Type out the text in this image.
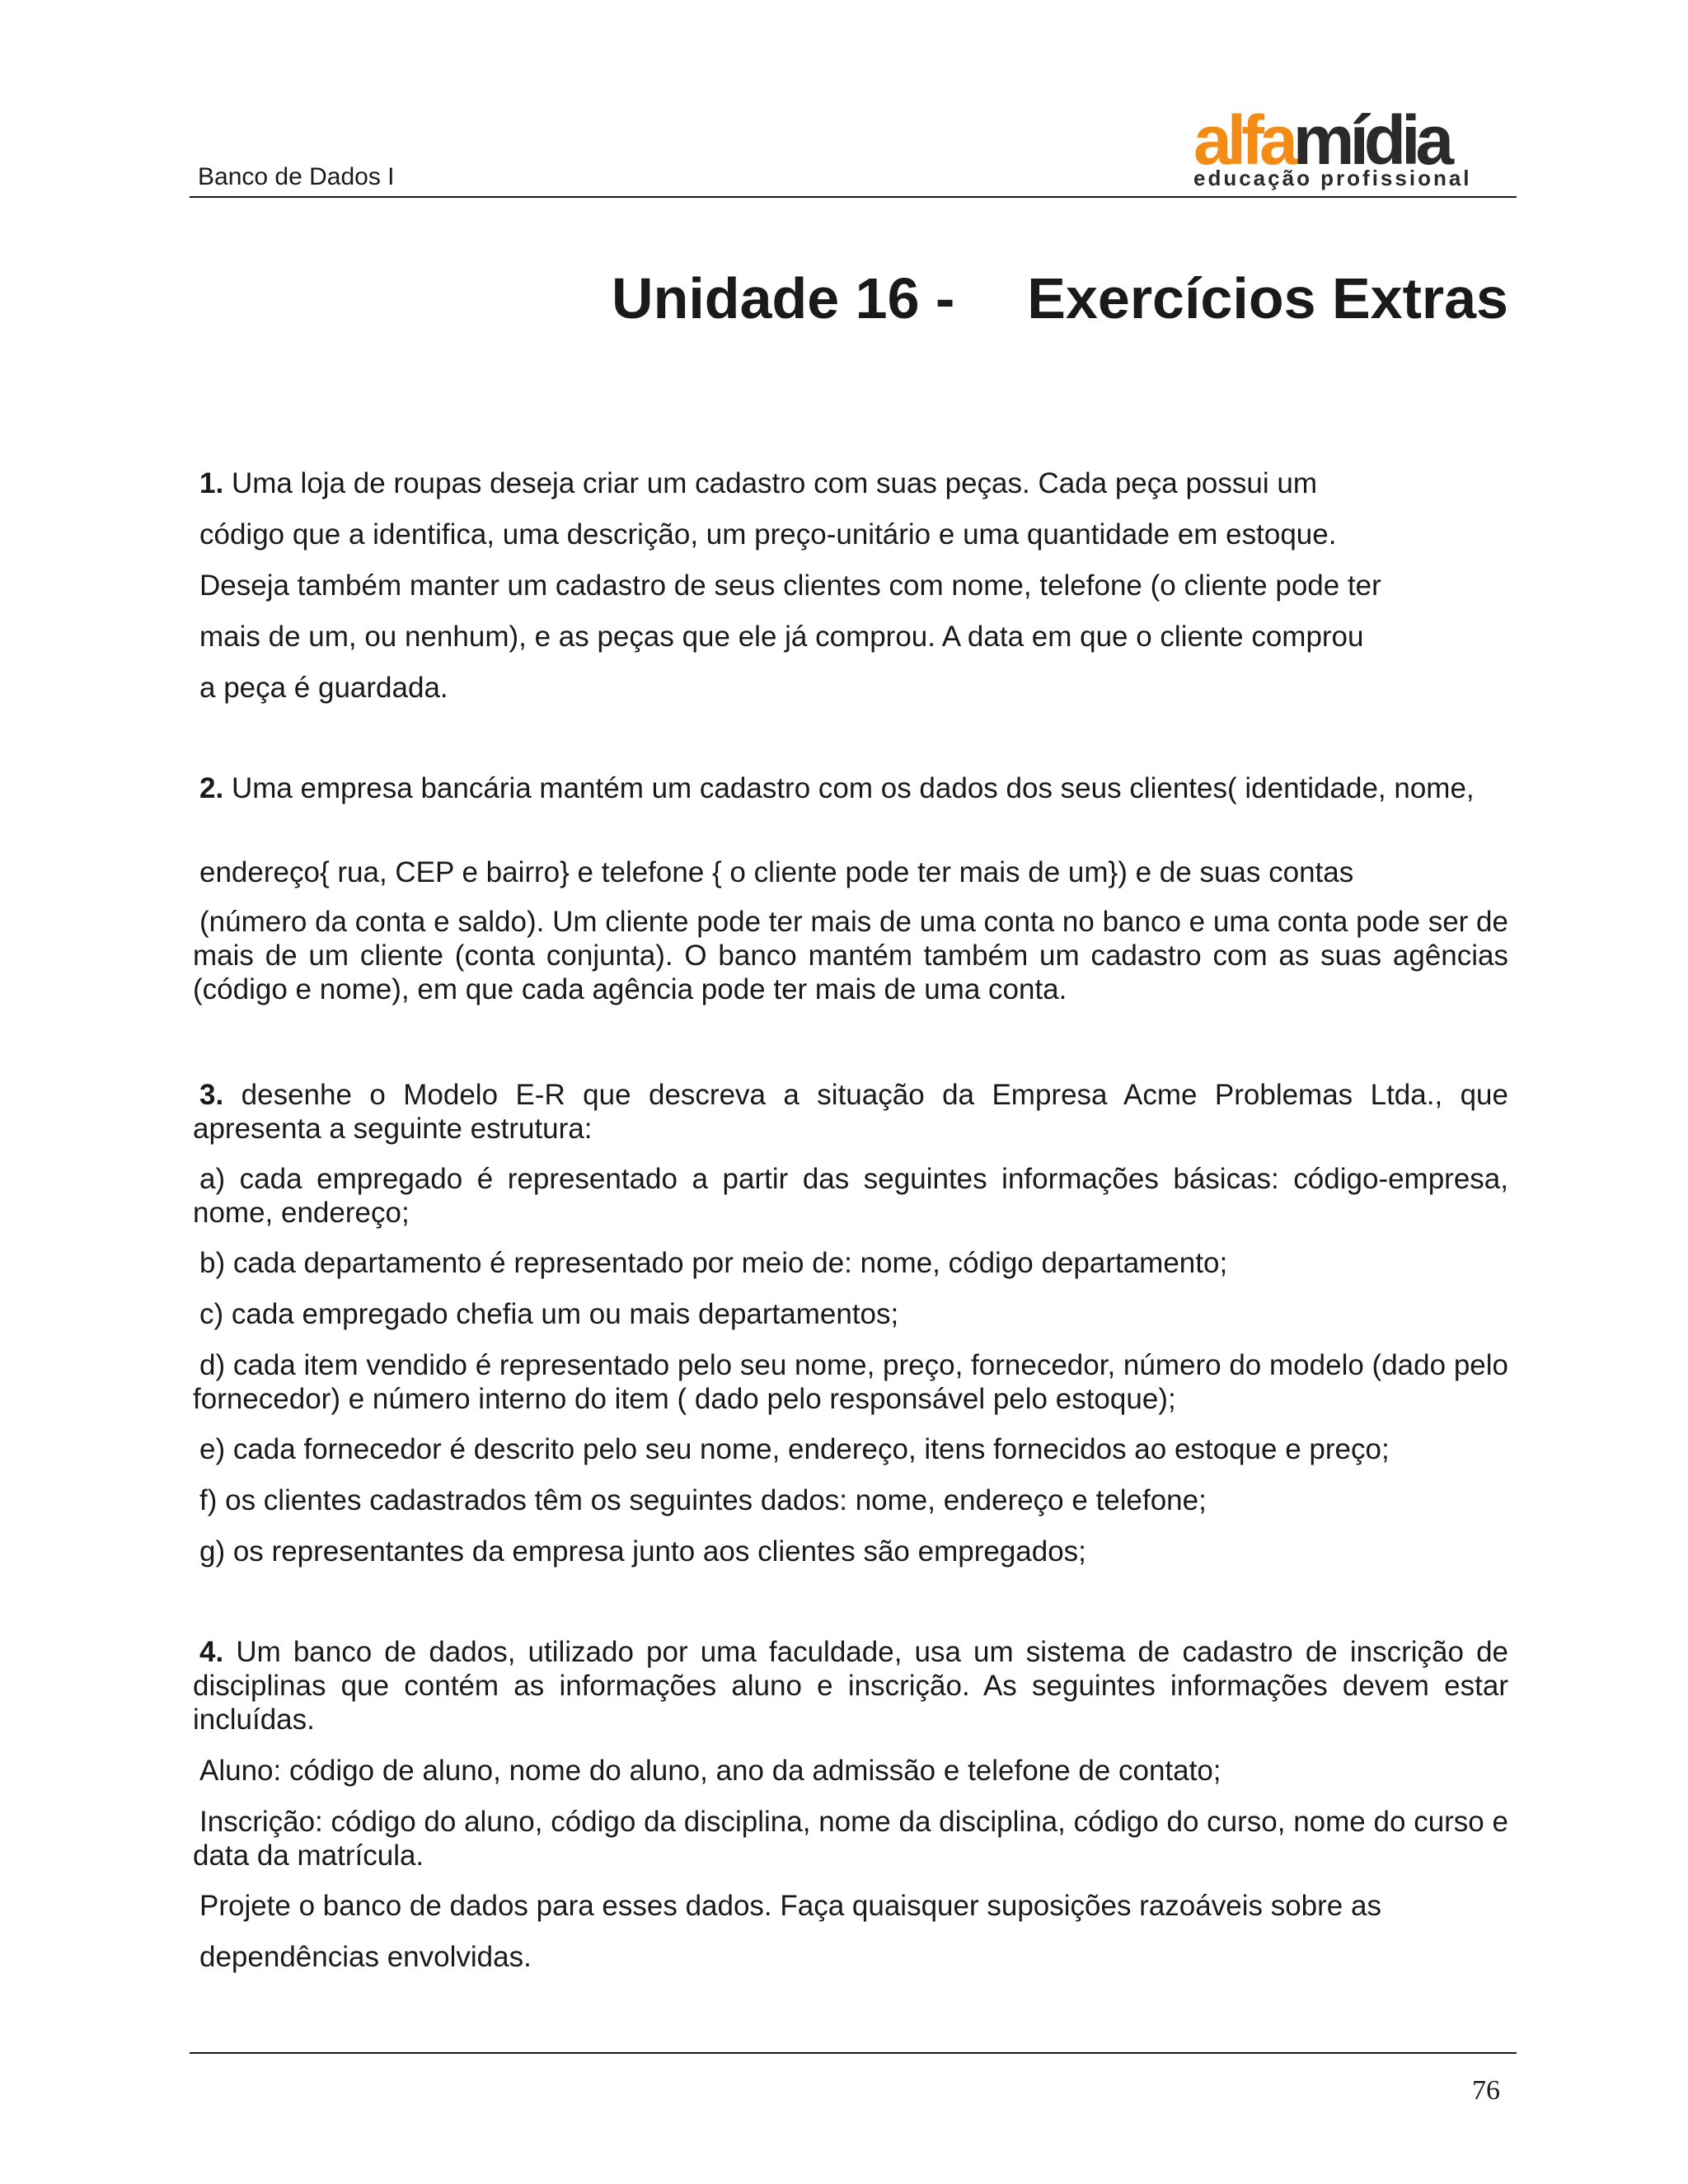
Banco de Dados I	alfamídia
educação profissional
Unidade 16 - Exercícios Extras
1. Uma loja de roupas deseja criar um cadastro com suas peças. Cada peça possui um
código que a identifica, uma descrição, um preço-unitário e uma quantidade em estoque.
Deseja também manter um cadastro de seus clientes com nome, telefone (o cliente pode ter
mais de um, ou nenhum), e as peças que ele já comprou. A data em que o cliente comprou
a peça é guardada.
2. Uma empresa bancária mantém um cadastro com os dados dos seus clientes( identidade, nome,
endereço{ rua, CEP e bairro} e telefone { o cliente pode ter mais de um}) e de suas contas
(número da conta e saldo). Um cliente pode ter mais de uma conta no banco e uma conta pode ser de mais de um cliente (conta conjunta). O banco mantém também um cadastro com as suas agências (código e nome), em que cada agência pode ter mais de uma conta.
3. desenhe o Modelo E-R que descreva a situação da Empresa Acme Problemas Ltda., que apresenta a seguinte estrutura:
a) cada empregado é representado a partir das seguintes informações básicas: código-empresa, nome, endereço;
b) cada departamento é representado por meio de: nome, código departamento;
c) cada empregado chefia um ou mais departamentos;
d) cada item vendido é representado pelo seu nome, preço, fornecedor, número do modelo (dado pelo fornecedor) e número interno do item ( dado pelo responsável pelo estoque);
e) cada fornecedor é descrito pelo seu nome, endereço, itens fornecidos ao estoque e preço;
f) os clientes cadastrados têm os seguintes dados: nome, endereço e telefone;
g) os representantes da empresa junto aos clientes são empregados;
4. Um banco de dados, utilizado por uma faculdade, usa um sistema de cadastro de inscrição de disciplinas que contém as informações aluno e inscrição. As seguintes informações devem estar incluídas.
Aluno: código de aluno, nome do aluno, ano da admissão e telefone de contato;
Inscrição: código do aluno, código da disciplina, nome da disciplina, código do curso, nome do curso e data da matrícula.
Projete o banco de dados para esses dados. Faça quaisquer suposições razoáveis sobre as
dependências envolvidas.
76
